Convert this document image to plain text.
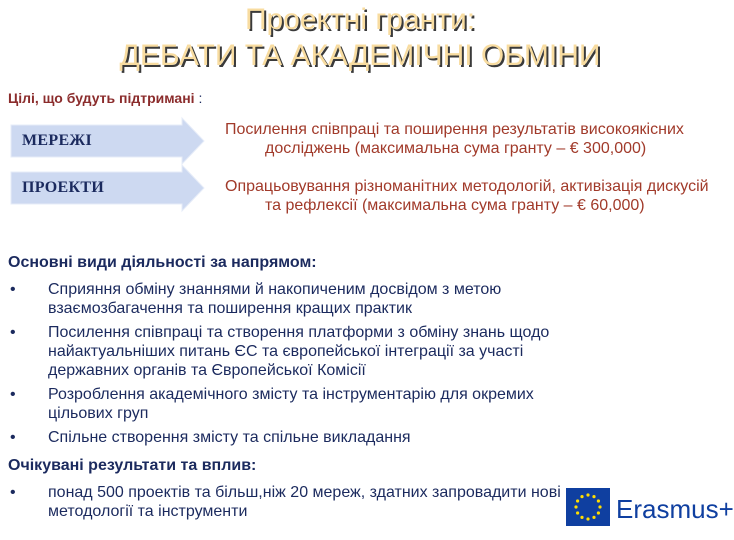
Проектні гранти:
ДЕБАТИ ТА АКАДЕМІЧНІ ОБМІНИ
Цілі, що будуть підтримані :
МЕРЕЖІ
ПРОЕКТИ
Посилення співпраці та поширення результатів високоякісних досліджень (максимальна сума гранту – € 300,000)
Опрацьовування різноманітних методологій, активізація дискусій та рефлексії (максимальна сума гранту – € 60,000)
Основні види діяльності за напрямом:
• Сприяння обміну знаннями й накопиченим досвідом з метою взаємозбагачення та поширення кращих практик
• Посилення співпраці та створення платформи з обміну знань щодо найактуальніших питань ЄС та європейської інтеграції за участі державних органів та Європейської Комісії
• Розроблення академічного змісту та інструментарію для окремих цільових груп
• Спільне створення змісту та спільне викладання
Очікувані результати та вплив:
• понад 500 проектів та більш,ніж 20 мереж, здатних запровадити нові методології та інструменти	Erasmus+
